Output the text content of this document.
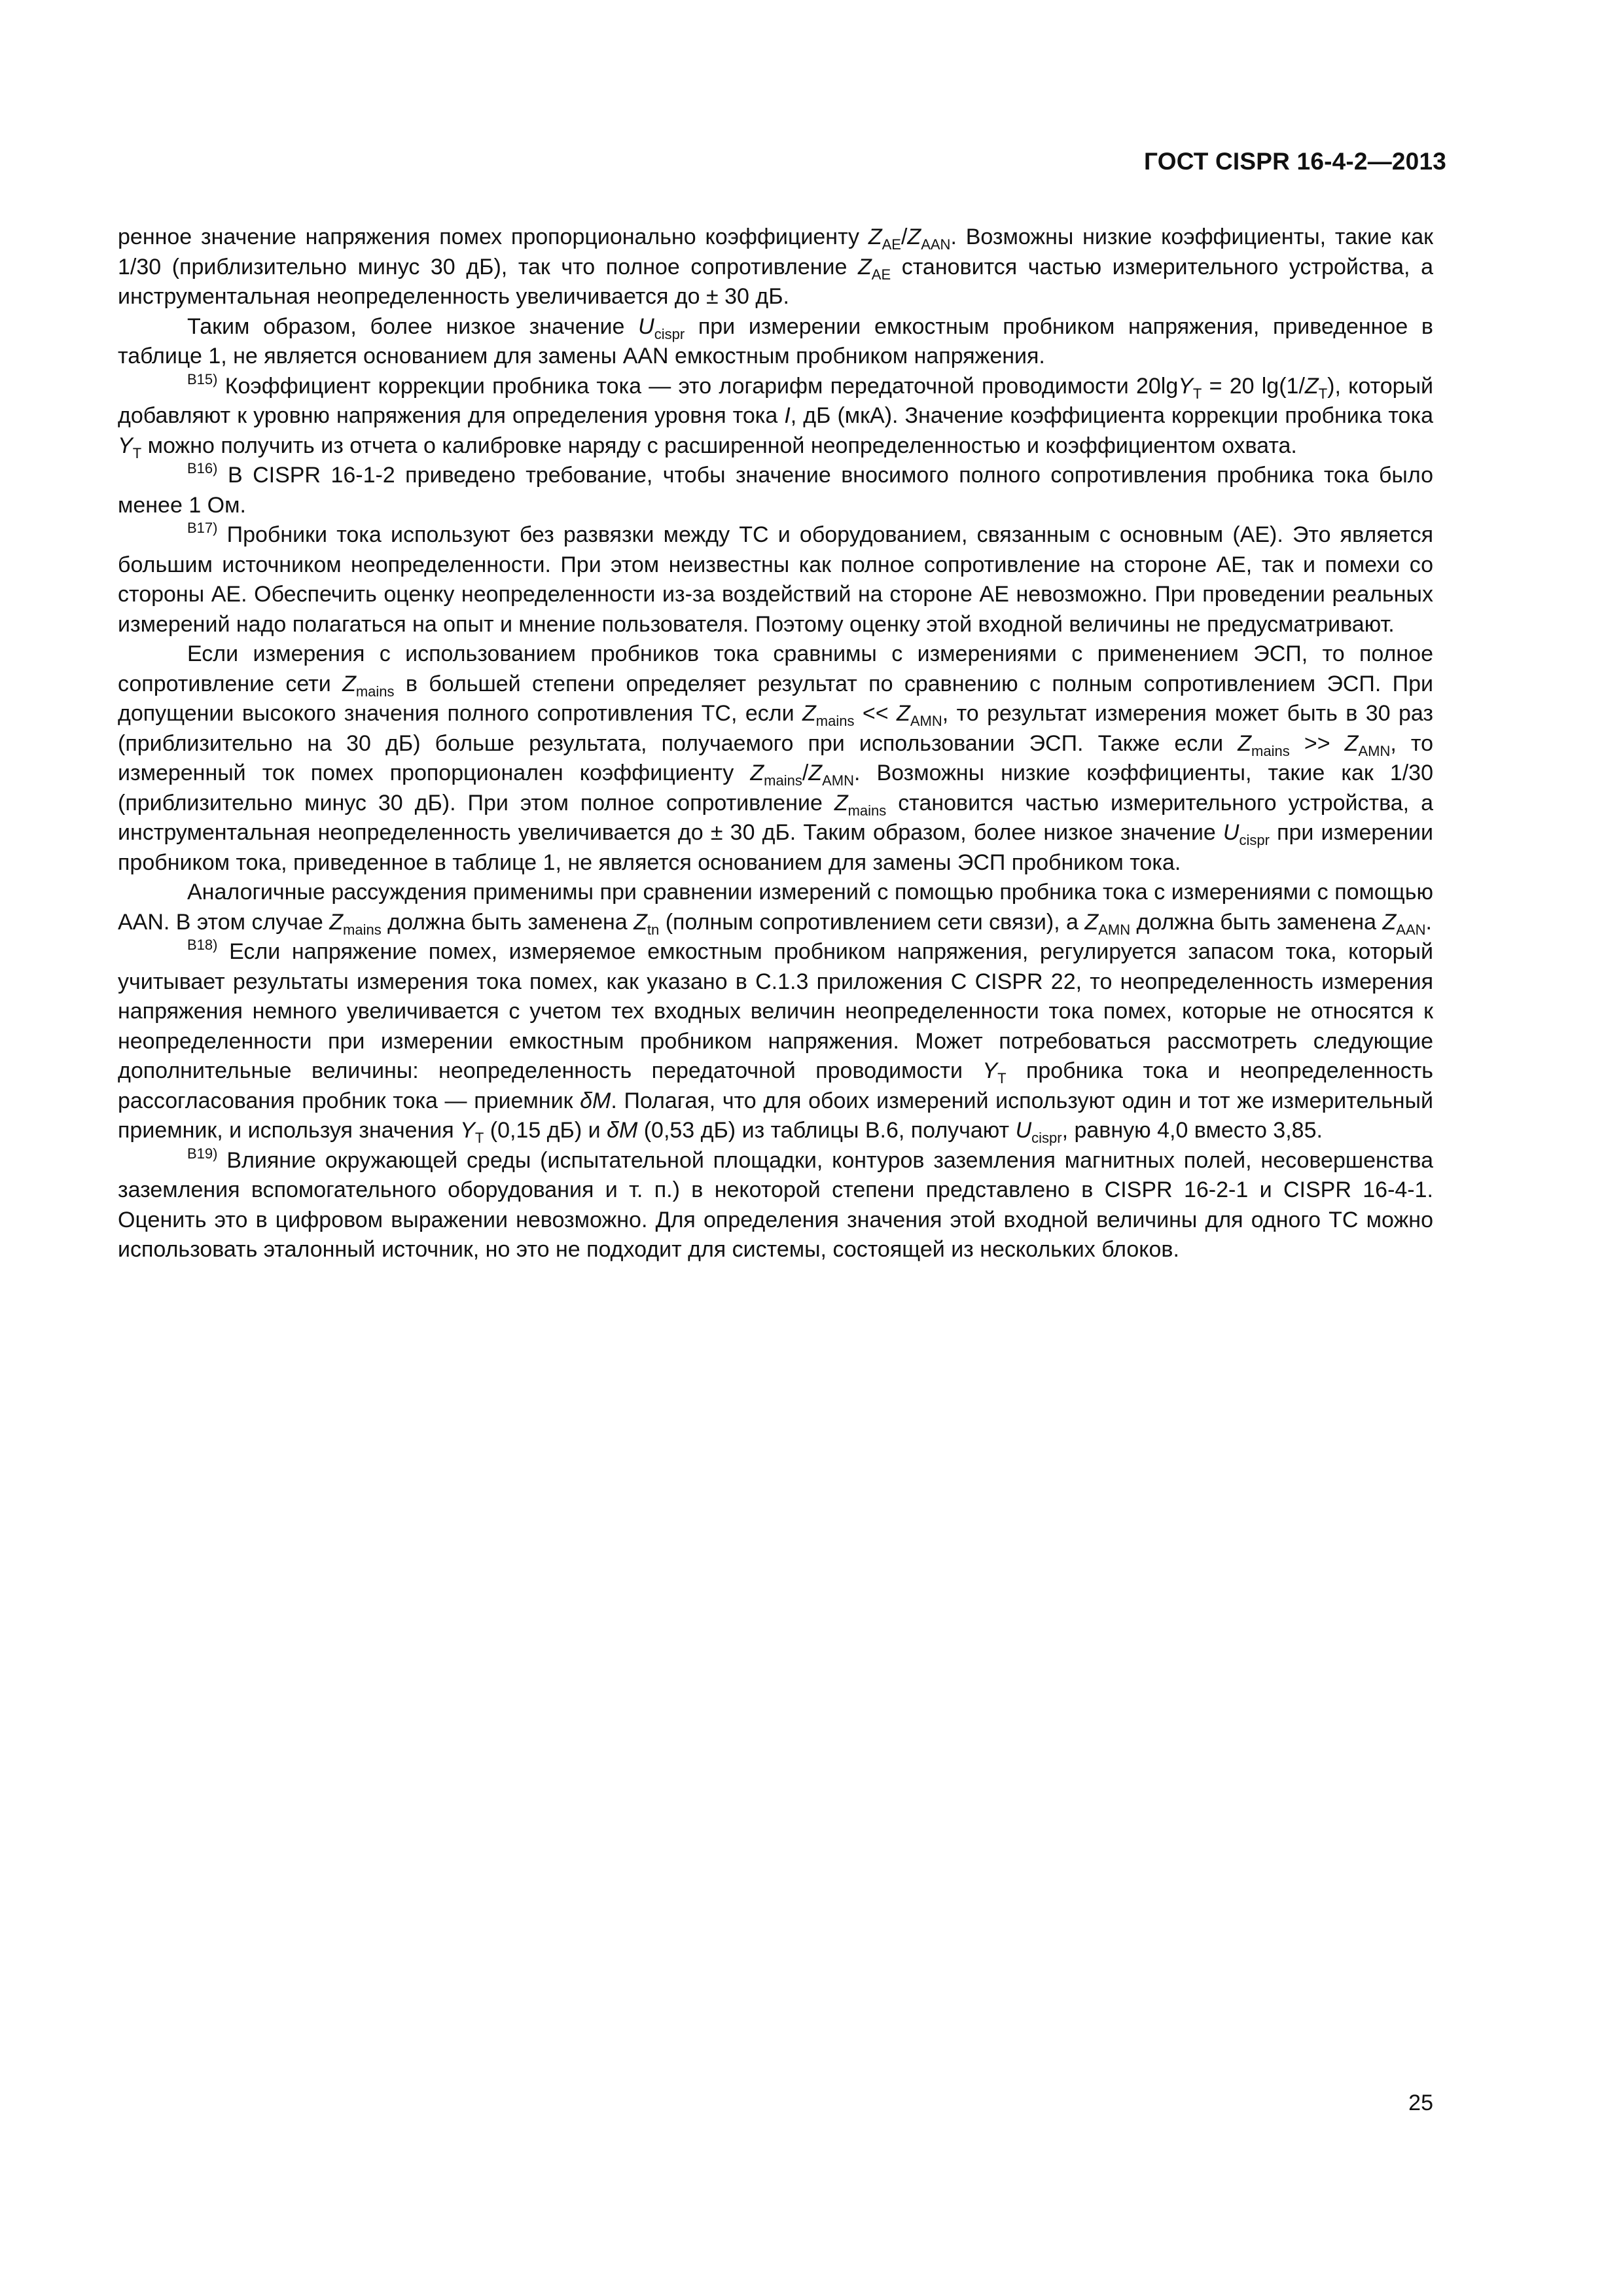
ГОСТ CISPR 16-4-2—2013

ренное значение напряжения помех пропорционально коэффициенту $Z_{AE}/Z_{AAN}$. Возможны низкие коэффициенты, такие как 1/30 (приблизительно минус 30 дБ), так что полное сопротивление $Z_{AE}$ становится частью измерительного устройства, а инструментальная неопределенность увеличивается до ± 30 дБ.

Таким образом, более низкое значение $U_{cispr}$ при измерении емкостным пробником напряжения, приведенное в таблице 1, не является основанием для замены AAN емкостным пробником напряжения.

$^{B15)}$ Коэффициент коррекции пробника тока — это логарифм передаточной проводимости 20lgY$_T$ = 20 $\lg(1/Z_T)$, который добавляют к уровню напряжения для определения уровня тока I, дБ (мкА). Значение коэффициента коррекции пробника тока $Y_T$ можно получить из отчета о калибровке наряду с расширенной неопределенностью и коэффициентом охвата.

$^{B16)}$ В CISPR 16-1-2 приведено требование, чтобы значение вносимого полного сопротивления пробника тока было менее 1 Ом.

$^{B17)}$ Пробники тока используют без развязки между ТС и оборудованием, связанным с основным (AE). Это является большим источником неопределенности. При этом неизвестны как полное сопротивление на стороне AE, так и помехи со стороны AE. Обеспечить оценку неопределенности из-за воздействий на стороне AE невозможно. При проведении реальных измерений надо полагаться на опыт и мнение пользователя. Поэтому оценку этой входной величины не предусматривают.

Если измерения с использованием пробников тока сравнимы с измерениями с применением ЭСП, то полное сопротивление сети $Z_{mains}$ в большей степени определяет результат по сравнению с полным сопротивлением ЭСП. При допущении высокого значения полного сопротивления ТС, если $Z_{mains} << Z_{AMN}$, то результат измерения может быть в 30 раз (приблизительно на 30 дБ) больше результата, получаемого при использовании ЭСП. Также если $Z_{mains} >> Z_{AMN}$, то измеренный ток помех пропорционален коэффициенту $Z_{mains}/Z_{AMN}$. Возможны низкие коэффициенты, такие как 1/30 (приблизительно минус 30 дБ). При этом полное сопротивление $Z_{mains}$ становится частью измерительного устройства, а инструментальная неопределенность увеличивается до ± 30 дБ. Таким образом, более низкое значение $U_{cispr}$ при измерении пробником тока, приведенное в таблице 1, не является основанием для замены ЭСП пробником тока.

Аналогичные рассуждения применимы при сравнении измерений с помощью пробника тока с измерениями с помощью AAN. В этом случае $Z_{mains}$ должна быть заменена $Z_{tn}$ (полным сопротивлением сети связи), а $Z_{AMN}$ должна быть заменена $Z_{AAN}$.

$^{B18)}$ Если напряжение помех, измеряемое емкостным пробником напряжения, регулируется запасом тока, который учитывает результаты измерения тока помех, как указано в С.1.3 приложения С CISPR 22, то неопределенность измерения напряжения немного увеличивается с учетом тех входных величин неопределенности тока помех, которые не относятся к неопределенности при измерении емкостным пробником напряжения. Может потребоваться рассмотреть следующие дополнительные величины: неопределенность передаточной проводимости $Y_T$ пробника тока и неопределенность рассогласования пробник тока — приемник δM. Полагая, что для обоих измерений используют один и тот же измерительный приемник, и используя значения $Y_T$ (0,15 дБ) и δM (0,53 дБ) из таблицы B.6, получают $U_{cispr}$, равную 4,0 вместо 3,85.

$^{B19)}$ Влияние окружающей среды (испытательной площадки, контуров заземления магнитных полей, несовершенства заземления вспомогательного оборудования и т. п.) в некоторой степени представлено в CISPR 16-2-1 и CISPR 16-4-1. Оценить это в цифровом выражении невозможно. Для определения значения этой входной величины для одного ТС можно использовать эталонный источник, но это не подходит для системы, состоящей из нескольких блоков.

25
